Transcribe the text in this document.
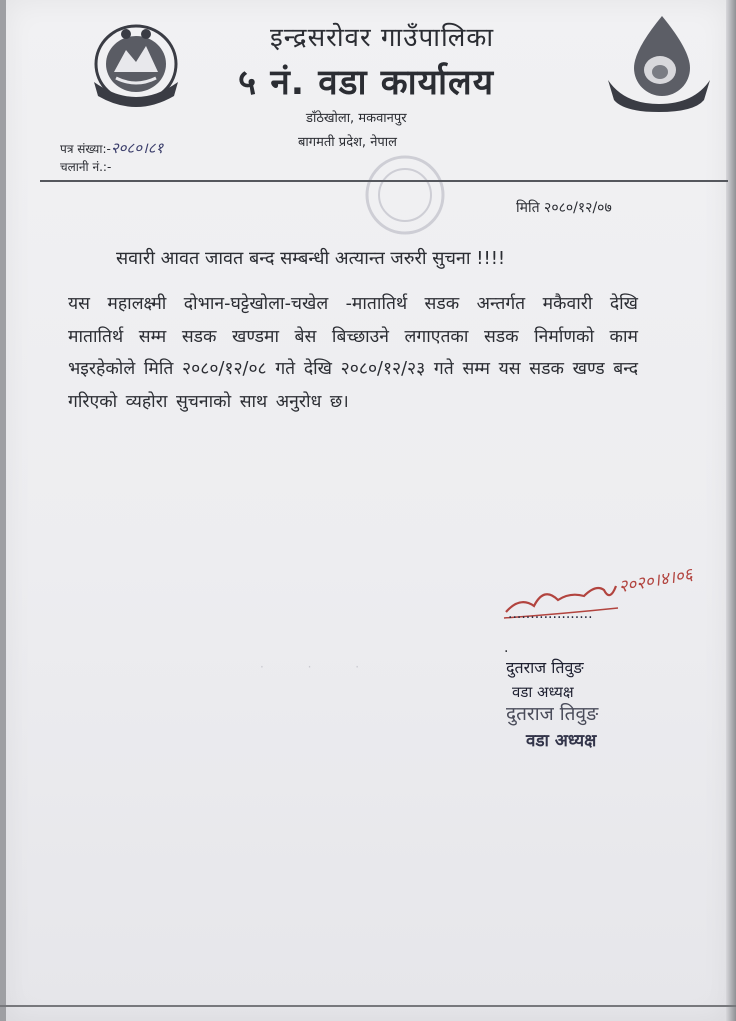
इन्द्रसरोवर गाउँपालिका
५ नं. वडा कार्यालय
डाँठेखोला, मकवानपुर
बागमती प्रदेश, नेपाल
पत्र संख्या:-२०८०।८१
चलानी नं.:-
मिति २०८०/१२/०७
सवारी आवत जावत बन्द सम्बन्धी अत्यान्त जरुरी सुचना !!!!
यस महालक्ष्मी दोभान-घट्टेखोला-चखेल -मातातिर्थ सडक अन्तर्गत मकैवारी देखि मातातिर्थ सम्म सडक खण्डमा बेस बिच्छाउने लगाएतका सडक निर्माणको काम भइरहेकोले मिति २०८०/१२/०८ गते देखि २०८०/१२/२३ गते सम्म यस सडक खण्ड बन्द गरिएको व्यहोरा सुचनाको साथ अनुरोध छ।
· · ·
२०२०।४।०६
...................
.
दुतराज तिवुङ
वडा अध्यक्ष
दुतराज तिवुङ
वडा अध्यक्ष
